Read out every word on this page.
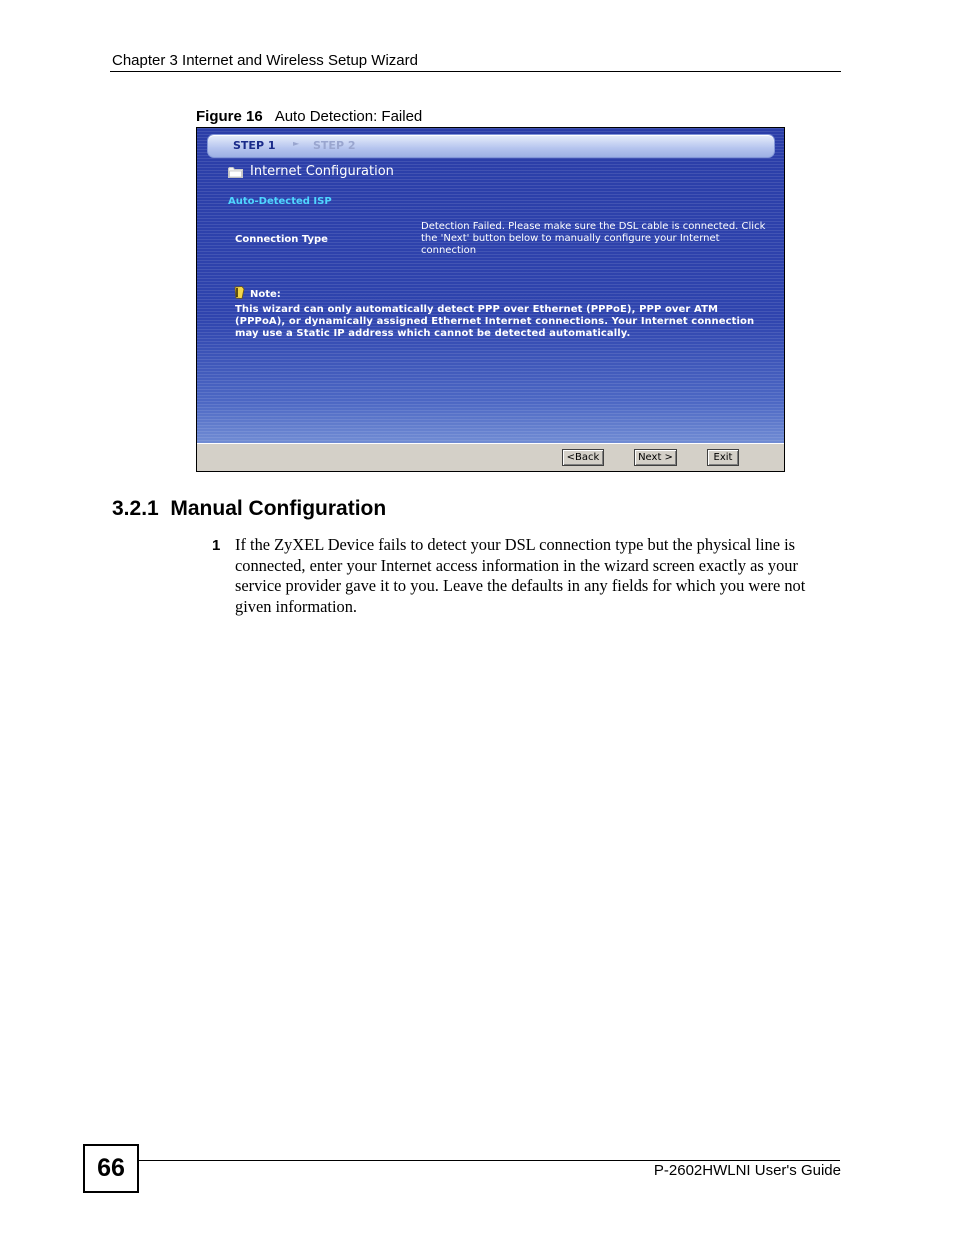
Chapter 3 Internet and Wireless Setup Wizard
Figure 16 Auto Detection: Failed
STEP 1 ► STEP 2
Internet Configuration
Auto-Detected ISP
Connection Type
Detection Failed. Please make sure the DSL cable is connected. Click the 'Next' button below to manually configure your Internet connection
Note:
This wizard can only automatically detect PPP over Ethernet (PPPoE), PPP over ATM (PPPoA), or dynamically assigned Ethernet Internet connections. Your Internet connection may use a Static IP address which cannot be detected automatically.
<Back	Next >	Exit
3.2.1  Manual Configuration
1 If the ZyXEL Device fails to detect your DSL connection type but the physical line is connected, enter your Internet access information in the wizard screen exactly as your service provider gave it to you. Leave the defaults in any fields for which you were not given information.
66	P-2602HWLNI User's Guide
